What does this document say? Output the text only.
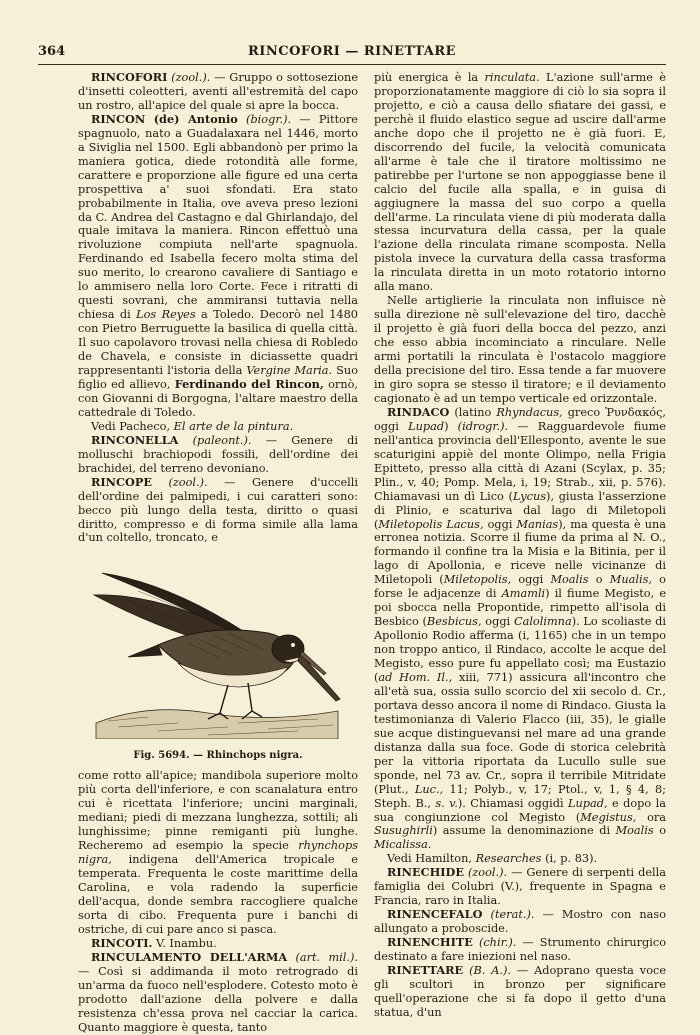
364	RINCOFORI — RINETTARE

RINCOFORI (zool.). — Gruppo o sottosezione d'insetti coleotteri, aventi all'estremità del capo un rostro, all'apice del quale si apre la bocca.

RINCON (de) Antonio (biogr.). — Pittore spagnuolo, nato a Guadalaxara nel 1446, morto a Siviglia nel 1500. Egli abbandonò per primo la maniera gotica, diede rotondità alle forme, carattere e proporzione alle figure ed una certa prospettiva a' suoi sfondati. Era stato probabilmente in Italia, ove aveva preso lezioni da C. Andrea del Castagno e dal Ghirlandajo, del quale imitava la maniera. Rincon effettuò una rivoluzione compiuta nell'arte spagnuola. Ferdinando ed Isabella fecero molta stima del suo merito, lo crearono cavaliere di Santiago e lo ammisero nella loro Corte. Fece i ritratti di questi sovrani, che ammiransi tuttavia nella chiesa di Los Reyes a Toledo. Decorò nel 1480 con Pietro Berruguette la basilica di quella città. Il suo capolavoro trovasi nella chiesa di Robledo de Chavela, e consiste in diciassette quadri rappresentanti l'istoria della Vergine Maria. Suo figlio ed allievo, Ferdinando del Rincon, ornò, con Giovanni di Borgogna, l'altare maestro della cattedrale di Toledo.

Vedi Pacheco, El arte de la pintura.

RINCONELLA (paleont.). — Genere di molluschi brachiopodi fossili, dell'ordine dei brachidei, del terreno devoniano.

RINCOPE (zool.). — Genere d'uccelli dell'ordine dei palmipedi, i cui caratteri sono: becco più lungo della testa, diritto o quasi diritto, compresso e di forma simile alla lama d'un coltello, troncato, e

Fig. 5694. — Rhinchops nigra.

come rotto all'apice; mandibola superiore molto più corta dell'inferiore, e con scanalatura entro cui è ricettata l'inferiore; uncini marginali, mediani; piedi di mezzana lunghezza, sottili; ali lunghissime; pinne remiganti più lunghe. Recheremo ad esempio la specie rhynchops nigra, indigena dell'America tropicale e temperata. Frequenta le coste marittime della Carolina, e vola radendo la superficie dell'acqua, donde sembra raccogliere qualche sorta di cibo. Frequenta pure i banchi di ostriche, di cui pare anco si pasca.

RINCOTI. V. Inambu.

RINCULAMENTO DELL'ARMA (art. mil.). — Così si addimanda il moto retrogrado di un'arma da fuoco nell'esplodere. Cotesto moto è prodotto dall'azione della polvere e dalla resistenza ch'essa prova nel cacciar la carica. Quanto maggiore è questa, tanto

più energica è la rinculata. L'azione sull'arme è proporzionatamente maggiore di ciò lo sia sopra il projetto, e ciò a causa dello sfiatare dei gassi, e perchè il fluido elastico segue ad uscire dall'arme anche dopo che il projetto ne è già fuori. E, discorrendo del fucile, la velocità comunicata all'arme è tale che il tiratore moltissimo ne patirebbe per l'urtone se non appoggiasse bene il calcio del fucile alla spalla, e in guisa di aggiugnere la massa del suo corpo a quella dell'arme. La rinculata viene di più moderata dalla stessa incurvatura della cassa, per la quale l'azione della rinculata rimane scomposta. Nella pistola invece la curvatura della cassa trasforma la rinculata diretta in un moto rotatorio intorno alla mano.

Nelle artiglierie la rinculata non influisce nè sulla direzione nè sull'elevazione del tiro, dacchè il projetto è già fuori della bocca del pezzo, anzi che esso abbia incominciato a rinculare. Nelle armi portatili la rinculata è l'ostacolo maggiore della precisione del tiro. Essa tende a far muovere in giro sopra se stesso il tiratore; e il deviamento cagionato è ad un tempo verticale ed orizzontale.

RINDACO (latino Rhyndacus, greco Ῥυνδακός, oggi Lupad) (idrogr.). — Ragguardevole fiume nell'antica provincia dell'Ellesponto, avente le sue scaturigini appiè del monte Olimpo, nella Frigia Epitteto, presso alla città di Azani (Scylax, p. 35; Plin., v, 40; Pomp. Mela, i, 19; Strab., xii, p. 576). Chiamavasi un dì Lico (Lycus), giusta l'asserzione di Plinio, e scaturiva dal lago di Miletopoli (Miletopolis Lacus, oggi Manias), ma questa è una erronea notizia. Scorre il fiume da prima al N. O., formando il confine tra la Misia e la Bitinia, per il lago di Apollonia, e riceve nelle vicinanze di Miletopoli (Miletopolis, oggi Moalis o Mualis, o forse le adjacenze di Amamli) il fiume Megisto, e poi sbocca nella Propontide, rimpetto all'isola di Besbico (Besbicus, oggi Calolimna). Lo scoliaste di Apollonio Rodio afferma (i, 1165) che in un tempo non troppo antico, il Rindaco, accolte le acque del Megisto, esso pure fu appellato così; ma Eustazio (ad Hom. Il., xiii, 771) assicura all'incontro che all'età sua, ossia sullo scorcio del xii secolo d. Cr., portava desso ancora il nome di Rindaco. Giusta la testimonianza di Valerio Flacco (iii, 35), le gialle sue acque distinguevansi nel mare ad una grande distanza dalla sua foce. Gode di storica celebrità per la vittoria riportata da Lucullo sulle sue sponde, nel 73 av. Cr., sopra il terribile Mitridate (Plut., Luc., 11; Polyb., v, 17; Ptol., v, 1, § 4, 8; Steph. B., s. v.). Chiamasi oggidì Lupad, e dopo la sua congiunzione col Megisto (Megistus, ora Susughirli) assume la denominazione di Moalis o Micalissa.

Vedi Hamilton, Researches (i, p. 83).

RINECHIDE (zool.). — Genere di serpenti della famiglia dei Colubri (V.), frequente in Spagna e Francia, raro in Italia.

RINENCEFALO (terat.). — Mostro con naso allungato a proboscide.

RINENCHITE (chir.). — Strumento chirurgico destinato a fare iniezioni nel naso.

RINETTARE (B. A.). — Adoprano questa voce gli scultori in bronzo per significare quell'operazione che si fa dopo il getto d'una statua, d'un
